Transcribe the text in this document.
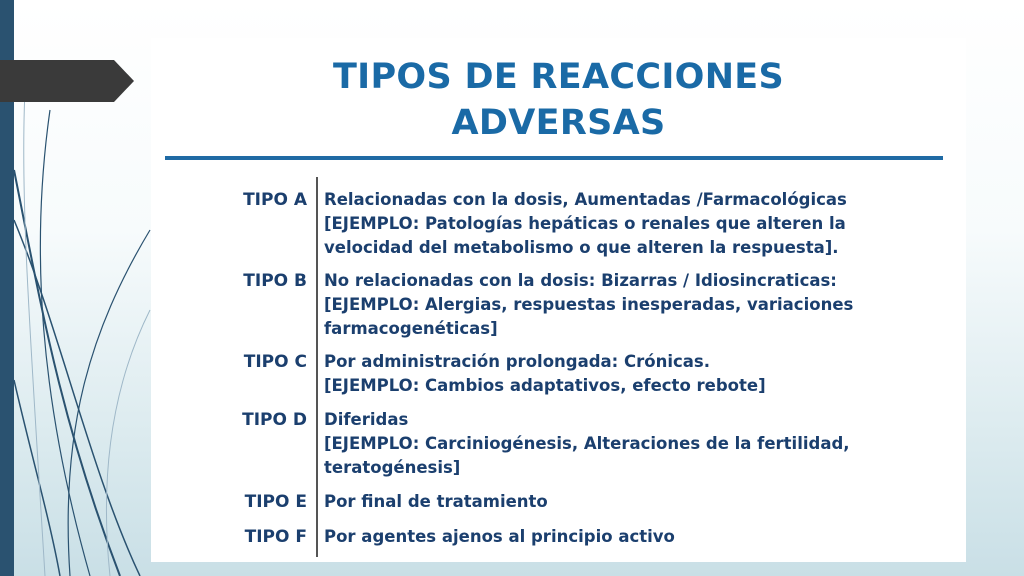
TIPOS DE REACCIONES
ADVERSAS
TIPO A Relacionadas con la dosis, Aumentadas /Farmacológicas
[EJEMPLO: Patologías hepáticas o renales que alteren la
velocidad del metabolismo o que alteren la respuesta].
TIPO B No relacionadas con la dosis: Bizarras / Idiosincraticas:
[EJEMPLO: Alergias, respuestas inesperadas, variaciones
farmacogenéticas]
TIPO C Por administración prolongada: Crónicas.
[EJEMPLO: Cambios adaptativos, efecto rebote]
TIPO D Diferidas
[EJEMPLO: Carciniogénesis, Alteraciones de la fertilidad,
teratogénesis]
TIPO E Por final de tratamiento
TIPO F Por agentes ajenos al principio activo
